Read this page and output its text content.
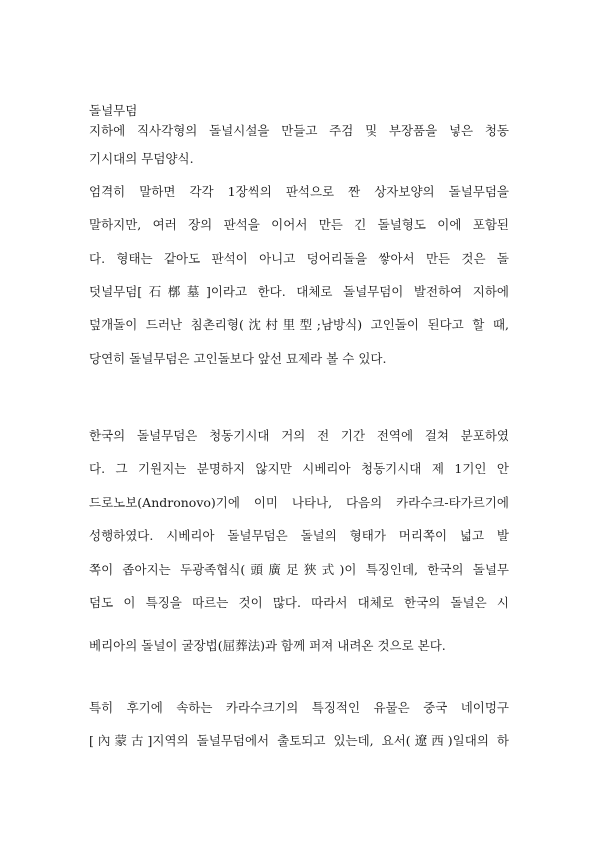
돌널무덤
지하에 직사각형의 돌널시설을 만들고 주검 및 부장품을 넣은 청동
기시대의 무덤양식.
엄격히 말하면 각각 1장씩의 판석으로 짠 상자보양의 돌널무덤을
말하지만, 여러 장의 판석을 이어서 만든 긴 돌널형도 이에 포함된
다. 형태는 같아도 판석이 아니고 덩어리돌을 쌓아서 만든 것은 돌
덧널무덤[石槨墓]이라고 한다. 대체로 돌널무덤이 발전하여 지하에
덮개돌이 드러난 침촌리형(沈村里型;남방식) 고인돌이 된다고 할 때,
당연히 돌널무덤은 고인돌보다 앞선 묘제라 볼 수 있다.
한국의 돌널무덤은 청동기시대 거의 전 기간 전역에 걸쳐 분포하였
다. 그 기원지는 분명하지 않지만 시베리아 청동기시대 제 1기인 안
드로노보(Andronovo)기에 이미 나타나, 다음의 카라수크-타가르기에
성행하였다. 시베리아 돌널무덤은 돌널의 형태가 머리쪽이 넓고 발
쪽이 좁아지는 두광족협식(頭廣足狹式)이 특징인데, 한국의 돌널무
덤도 이 특징을 따르는 것이 많다. 따라서 대체로 한국의 돌널은 시
베리아의 돌널이 굴장법(屈葬法)과 함께 퍼져 내려온 것으로 본다.
특히 후기에 속하는 카라수크기의 특징적인 유물은 중국 네이멍구
[內蒙古]지역의 돌널무덤에서 출토되고 있는데, 요서(遼西)일대의 하
